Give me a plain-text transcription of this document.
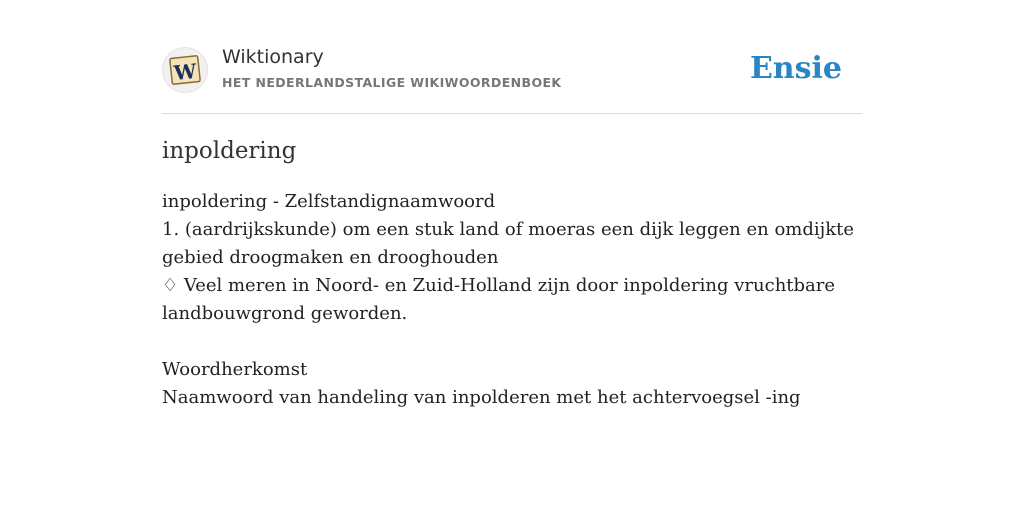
W
Wiktionary
HET NEDERLANDSTALIGE WIKIWOORDENBOEK	Ensie
inpoldering
inpoldering - Zelfstandignaamwoord
1. (aardrijkskunde) om een stuk land of moeras een dijk leggen en omdijkte
gebied droogmaken en drooghouden
♢ Veel meren in Noord- en Zuid-Holland zijn door inpoldering vruchtbare
landbouwgrond geworden.
Woordherkomst
Naamwoord van handeling van inpolderen met het achtervoegsel -ing
